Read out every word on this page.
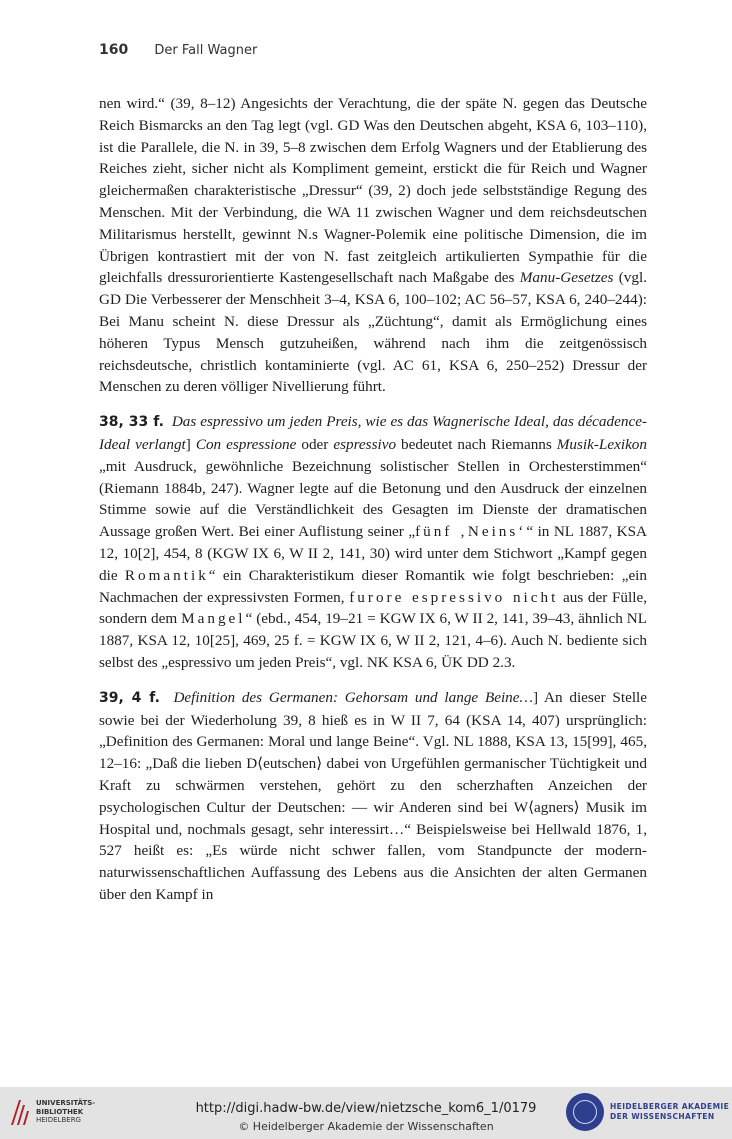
160 Der Fall Wagner

nen wird.“ (39, 8–12) Angesichts der Verachtung, die der späte N. gegen das Deutsche Reich Bismarcks an den Tag legt (vgl. GD Was den Deutschen abgeht, KSA 6, 103–110), ist die Parallele, die N. in 39, 5–8 zwischen dem Erfolg Wagners und der Etablierung des Reiches zieht, sicher nicht als Kompliment gemeint, erstickt die für Reich und Wagner gleichermaßen charakteristische „Dressur“ (39, 2) doch jede selbstständige Regung des Menschen. Mit der Verbindung, die WA 11 zwischen Wagner und dem reichsdeutschen Militarismus herstellt, gewinnt N.s Wagner-Polemik eine politische Dimension, die im Übrigen kontrastiert mit der von N. fast zeitgleich artikulierten Sympathie für die gleichfalls dressurorientierte Kastengesellschaft nach Maßgabe des Manu-Gesetzes (vgl. GD Die Verbesserer der Menschheit 3–4, KSA 6, 100–102; AC 56–57, KSA 6, 240–244): Bei Manu scheint N. diese Dressur als „Züchtung“, damit als Ermöglichung eines höheren Typus Mensch gutzuheißen, während nach ihm die zeitgenössisch reichsdeutsche, christlich kontaminierte (vgl. AC 61, KSA 6, 250–252) Dressur der Menschen zu deren völliger Nivellierung führt.

38, 33 f. Das espressivo um jeden Preis, wie es das Wagnerische Ideal, das décadence-Ideal verlangt] Con espressione oder espressivo bedeutet nach Riemanns Musik-Lexikon „mit Ausdruck, gewöhnliche Bezeichnung solistischer Stellen in Orchesterstimmen“ (Riemann 1884b, 247). Wagner legte auf die Betonung und den Ausdruck der einzelnen Stimme sowie auf die Verständlichkeit des Gesagten im Dienste der dramatischen Aussage großen Wert. Bei einer Auflistung seiner „fünf ‚Neins‘“ in NL 1887, KSA 12, 10[2], 454, 8 (KGW IX 6, W II 2, 141, 30) wird unter dem Stichwort „Kampf gegen die Romantik“ ein Charakteristikum dieser Romantik wie folgt beschrieben: „ein Nachmachen der expressivsten Formen, furore espressivo nicht aus der Fülle, sondern dem Mangel“ (ebd., 454, 19–21 = KGW IX 6, W II 2, 141, 39–43, ähnlich NL 1887, KSA 12, 10[25], 469, 25 f. = KGW IX 6, W II 2, 121, 4–6). Auch N. bediente sich selbst des „espressivo um jeden Preis“, vgl. NK KSA 6, ÜK DD 2.3.

39, 4 f. Definition des Germanen: Gehorsam und lange Beine…] An dieser Stelle sowie bei der Wiederholung 39, 8 hieß es in W II 7, 64 (KSA 14, 407) ursprünglich: „Definition des Germanen: Moral und lange Beine“. Vgl. NL 1888, KSA 13, 15[99], 465, 12–16: „Daß die lieben D⟨eutschen⟩ dabei von Urgefühlen germanischer Tüchtigkeit und Kraft zu schwärmen verstehen, gehört zu den scherzhaften Anzeichen der psychologischen Cultur der Deutschen: — wir Anderen sind bei W⟨agners⟩ Musik im Hospital und, nochmals gesagt, sehr interessirt…“ Beispielsweise bei Hellwald 1876, 1, 527 heißt es: „Es würde nicht schwer fallen, vom Standpuncte der modern-naturwissenschaftlichen Auffassung des Lebens aus die Ansichten der alten Germanen über den Kampf in

UNIVERSITÄTS-
BIBLIOTHEK
HEIDELBERG
http://digi.hadw-bw.de/view/nietzsche_kom6_1/0179
© Heidelberger Akademie der Wissenschaften
HEIDELBERGER AKADEMIE
DER WISSENSCHAFTEN
